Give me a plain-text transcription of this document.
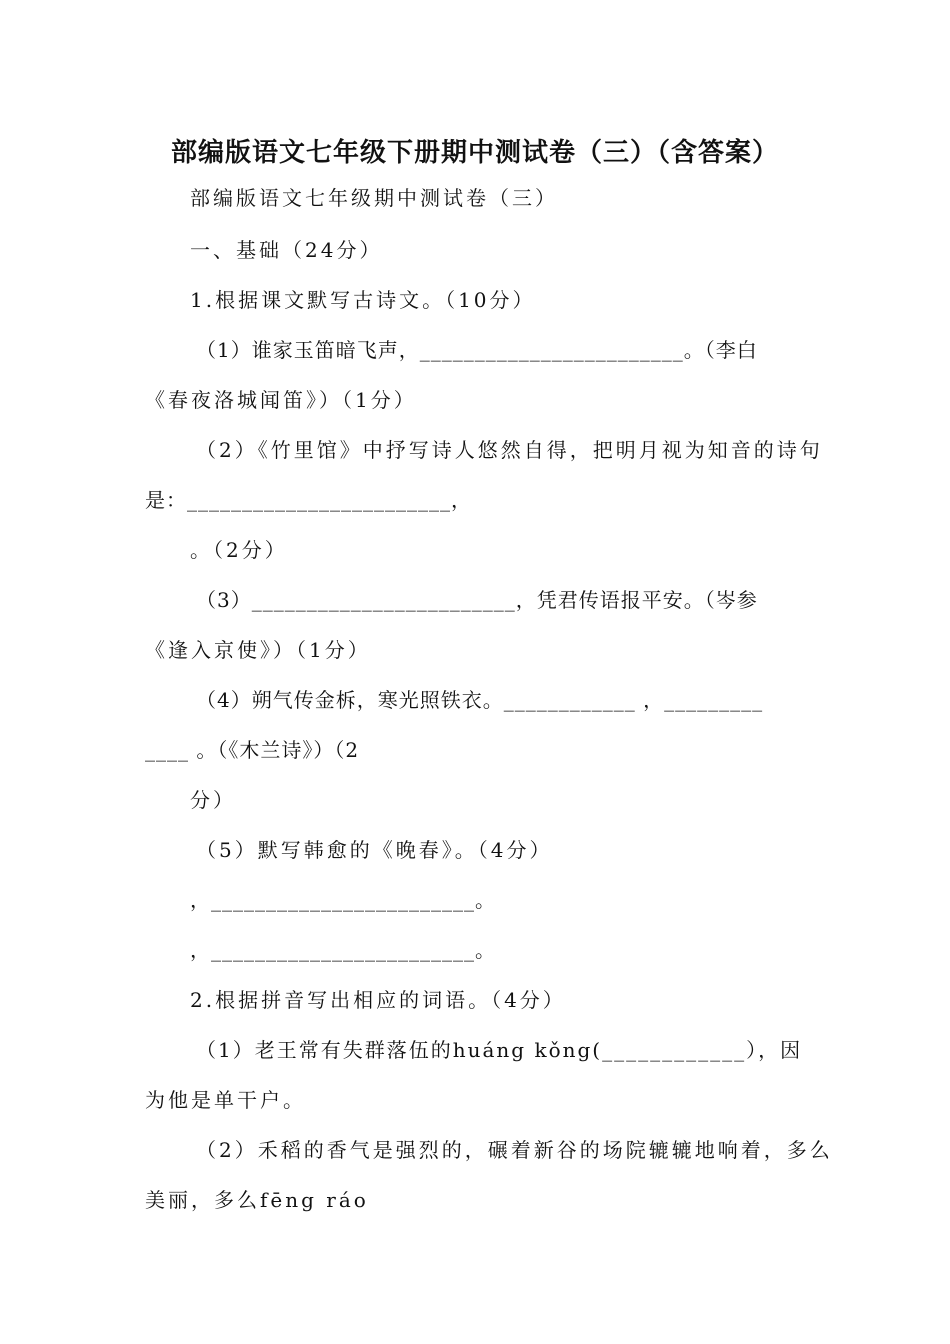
部编版语文七年级下册期中测试卷（三）（含答案）
部编版语文七年级期中测试卷（三）
一、基础（24分）
1.根据课文默写古诗文。（10分）
（1）谁家玉笛暗飞声，________________________。（李白
《春夜洛城闻笛》）（1分）
（2）《竹里馆》中抒写诗人悠然自得，把明月视为知音的诗句
是：________________________，
。（2分）
（3）________________________，凭君传语报平安。（岑参
《逢入京使》）（1分）
（4）朔气传金柝，寒光照铁衣。____________ ，_________
____ 。（《木兰诗》）（2
分）
（5）默写韩愈的《晚春》。（4分）
，________________________。
，________________________。
2.根据拼音写出相应的词语。（4分）
（1）老王常有失群落伍的huáng kǒng(____________），因
为他是单干户。
（2）禾稻的香气是强烈的，碾着新谷的场院辘辘地响着，多么
美丽，多么fēng ráo
